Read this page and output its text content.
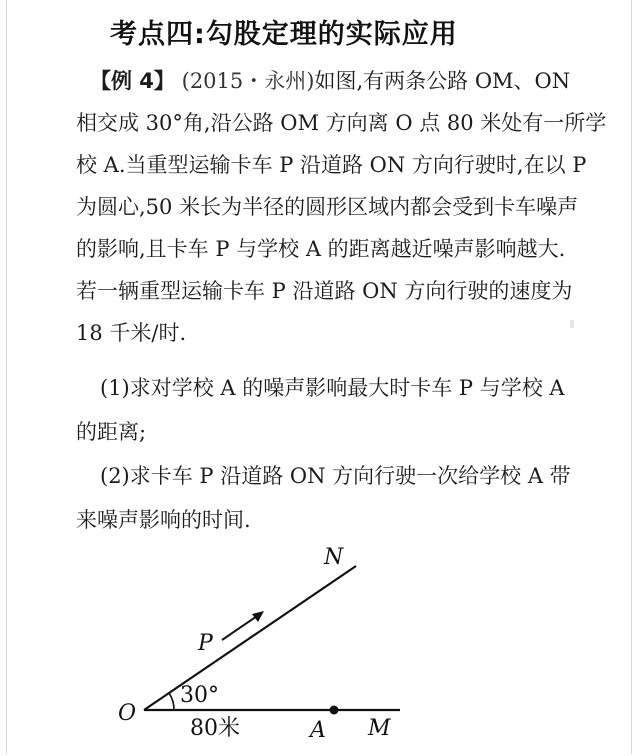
考点四:勾股定理的实际应用
【例 4】 (2015・永州)如图,有两条公路 OM、ON
相交成 30°角,沿公路 OM 方向离 O 点 80 米处有一所学
校 A.当重型运输卡车 P 沿道路 ON 方向行驶时,在以 P
为圆心,50 米长为半径的圆形区域内都会受到卡车噪声
的影响,且卡车 P 与学校 A 的距离越近噪声影响越大.
若一辆重型运输卡车 P 沿道路 ON 方向行驶的速度为
18 千米/时.
(1)求对学校 A 的噪声影响最大时卡车 P 与学校 A
的距离;
(2)求卡车 P 沿道路 ON 方向行驶一次给学校 A 带
来噪声影响的时间.
N
P
O
30°
80米	A M
